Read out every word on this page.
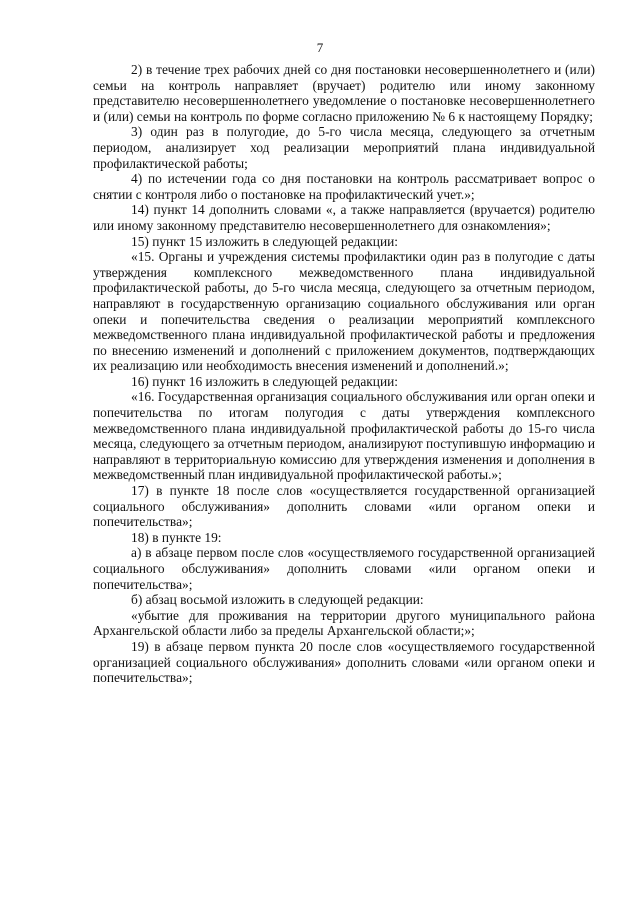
7

2) в течение трех рабочих дней со дня постановки несовершеннолетнего и (или) семьи на контроль направляет (вручает) родителю или иному законному представителю несовершеннолетнего уведомление о постановке несовершеннолетнего и (или) семьи на контроль по форме согласно приложению № 6 к настоящему Порядку;

3) один раз в полугодие, до 5-го числа месяца, следующего за отчетным периодом, анализирует ход реализации мероприятий плана индивидуальной профилактической работы;

4) по истечении года со дня постановки на контроль рассматривает вопрос о снятии с контроля либо о постановке на профилактический учет.»;

14) пункт 14 дополнить словами «, а также направляется (вручается) родителю или иному законному представителю несовершеннолетнего для ознакомления»;

15) пункт 15 изложить в следующей редакции:

«15. Органы и учреждения системы профилактики один раз в полугодие с даты утверждения комплексного межведомственного плана индивидуальной профилактической работы, до 5-го числа месяца, следующего за отчетным периодом, направляют в государственную организацию социального обслуживания или орган опеки и попечительства сведения о реализации мероприятий комплексного межведомственного плана индивидуальной профилактической работы и предложения по внесению изменений и дополнений с приложением документов, подтверждающих их реализацию или необходимость внесения изменений и дополнений.»;

16) пункт 16 изложить в следующей редакции:

«16. Государственная организация социального обслуживания или орган опеки и попечительства по итогам полугодия с даты утверждения комплексного межведомственного плана индивидуальной профилактической работы до 15-го числа месяца, следующего за отчетным периодом, анализируют поступившую информацию и направляют в территориальную комиссию для утверждения изменения и дополнения в межведомственный план индивидуальной профилактической работы.»;

17) в пункте 18 после слов «осуществляется государственной организацией социального обслуживания» дополнить словами «или органом опеки и попечительства»;

18) в пункте 19:

а) в абзаце первом после слов «осуществляемого государственной организацией социального обслуживания» дополнить словами «или органом опеки и попечительства»;

б) абзац восьмой изложить в следующей редакции:

«убытие для проживания на территории другого муниципального района Архангельской области либо за пределы Архангельской области;»;

19) в абзаце первом пункта 20 после слов «осуществляемого государственной организацией социального обслуживания» дополнить словами «или органом опеки и попечительства»;
